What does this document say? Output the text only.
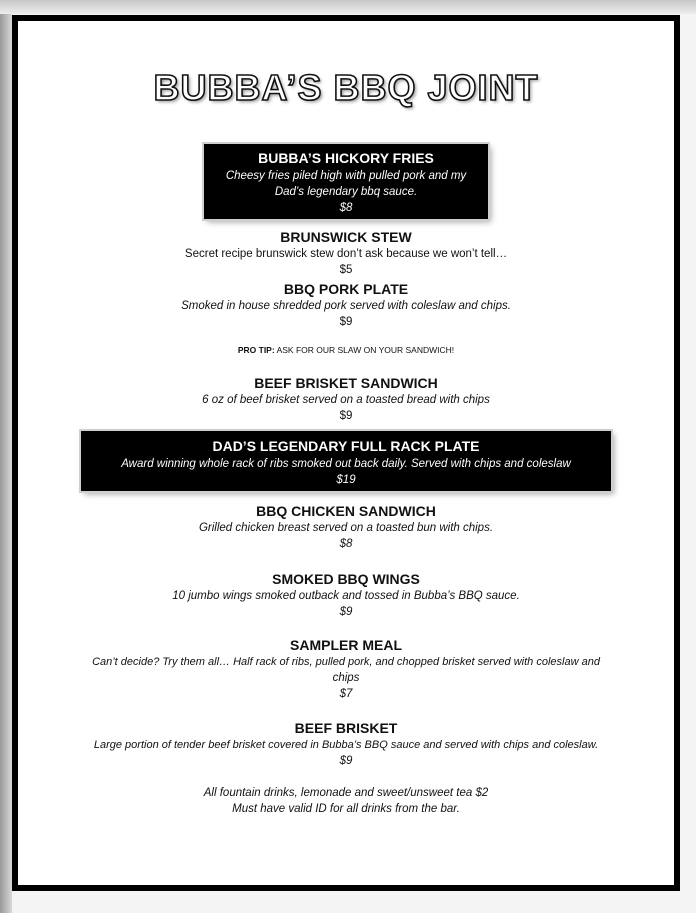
BUBBA’S BBQ JOINT
BUBBA’S HICKORY FRIES
Cheesy fries piled high with pulled pork and my
Dad’s legendary bbq sauce.
$8
BRUNSWICK STEW
Secret recipe brunswick stew don’t ask because we won’t tell…
$5
BBQ PORK PLATE
Smoked in house shredded pork served with coleslaw and chips.
$9
PRO TIP: ASK FOR OUR SLAW ON YOUR SANDWICH!
BEEF BRISKET SANDWICH
6 oz of beef brisket served on a toasted bread with chips
$9
DAD’S LEGENDARY FULL RACK PLATE
Award winning whole rack of ribs smoked out back daily. Served with chips and coleslaw
$19
BBQ CHICKEN SANDWICH
Grilled chicken breast served on a toasted bun with chips.
$8
SMOKED BBQ WINGS
10 jumbo wings smoked outback and tossed in Bubba’s BBQ sauce.
$9
SAMPLER MEAL
Can’t decide? Try them all… Half rack of ribs, pulled pork, and chopped brisket served with coleslaw and
chips
$7
BEEF BRISKET
Large portion of tender beef brisket covered in Bubba’s BBQ sauce and served with chips and coleslaw.
$9
All fountain drinks, lemonade and sweet/unsweet tea $2
Must have valid ID for all drinks from the bar.
